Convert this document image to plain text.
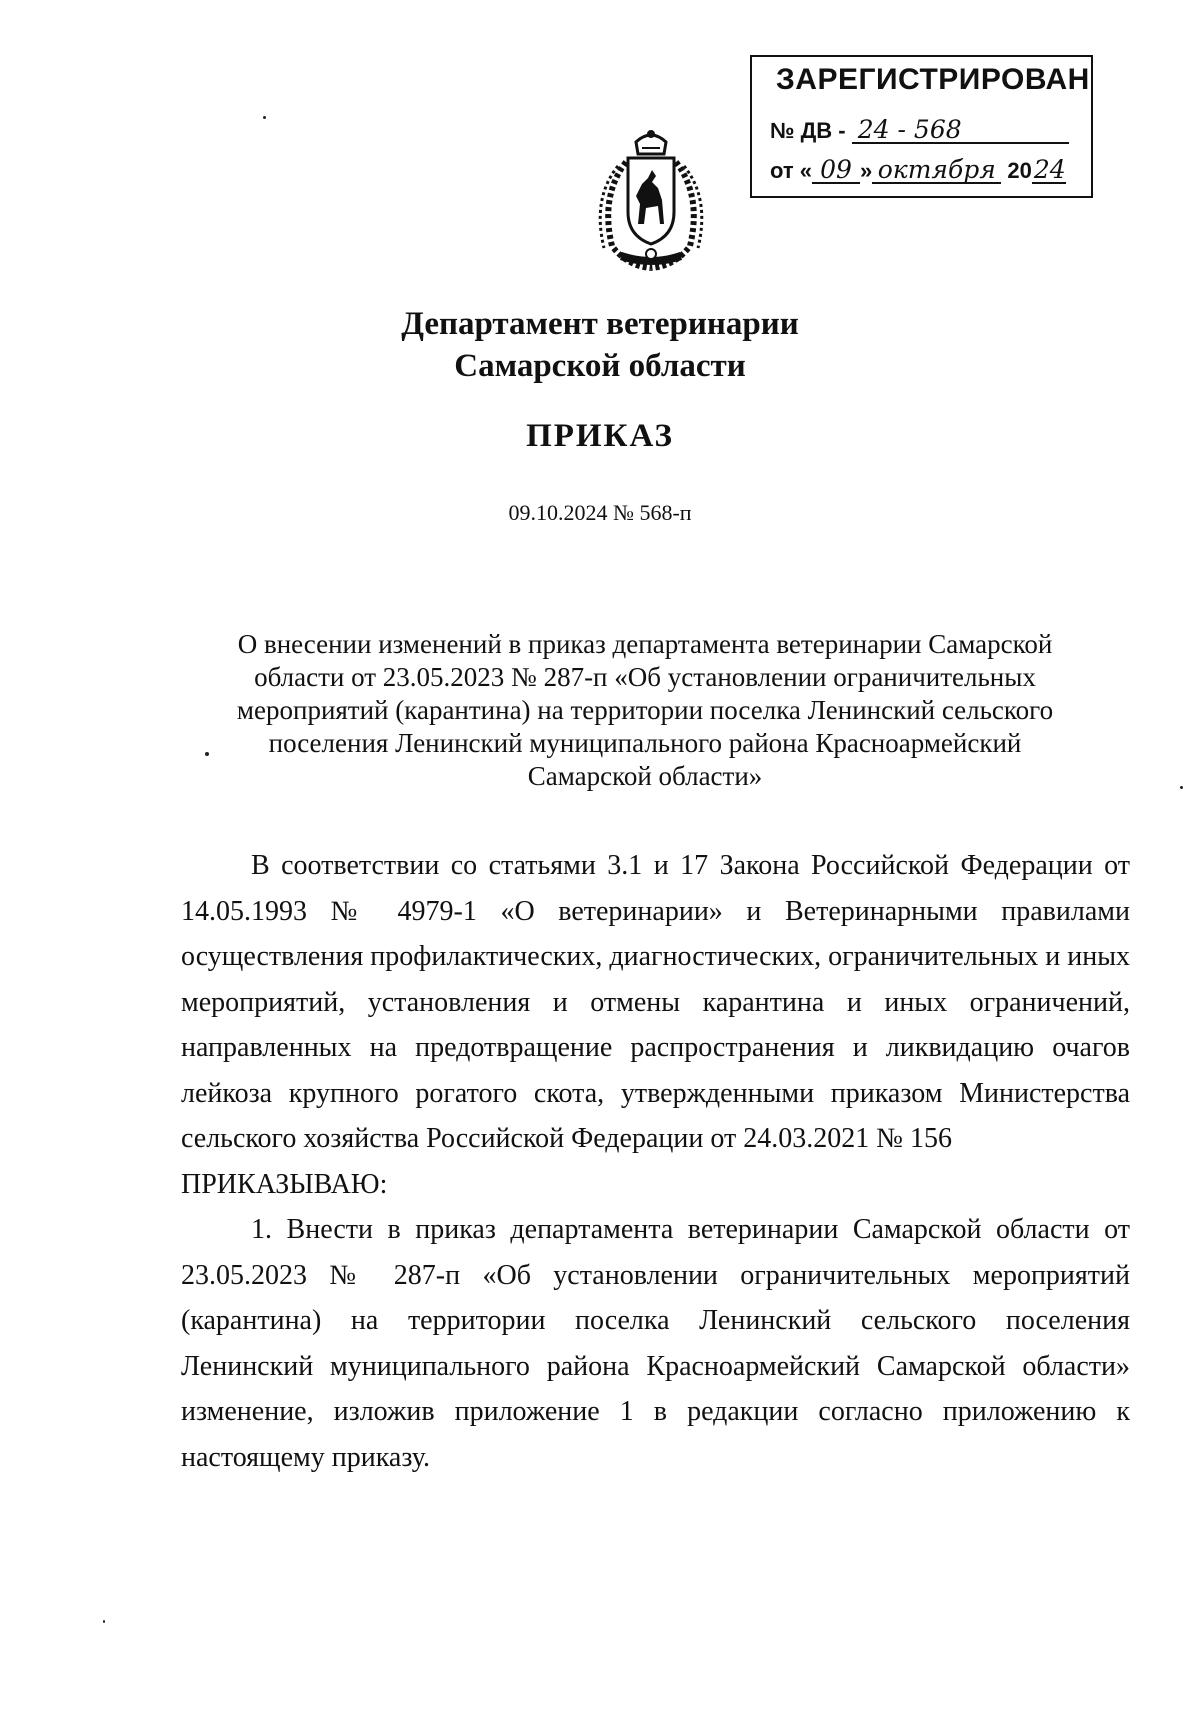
ЗАРЕГИСТРИРОВАН
№ ДВ - 24 - 568
от « 09 » октября 2024
Департамент ветеринарии
Самарской области
ПРИКАЗ
09.10.2024 № 568-п
О внесении изменений в приказ департамента ветеринарии Самарской
области от 23.05.2023 № 287-п «Об установлении ограничительных
мероприятий (карантина) на территории поселка Ленинский сельского
поселения Ленинский муниципального района Красноармейский
Самарской области»

В соответствии со статьями 3.1 и 17 Закона Российской Федерации от 14.05.1993 № 4979-1 «О ветеринарии» и Ветеринарными правилами осуществления профилактических, диагностических, ограничительных и иных мероприятий, установления и отмены карантина и иных ограничений, направленных на предотвращение распространения и ликвидацию очагов лейкоза крупного рогатого скота, утвержденными приказом Министерства сельского хозяйства Российской Федерации от 24.03.2021 № 156

ПРИКАЗЫВАЮ:

1. Внести в приказ департамента ветеринарии Самарской области от 23.05.2023 № 287-п «Об установлении ограничительных мероприятий (карантина) на территории поселка Ленинский сельского поселения Ленинский муниципального района Красноармейский Самарской области» изменение, изложив приложение 1 в редакции согласно приложению к настоящему приказу.
